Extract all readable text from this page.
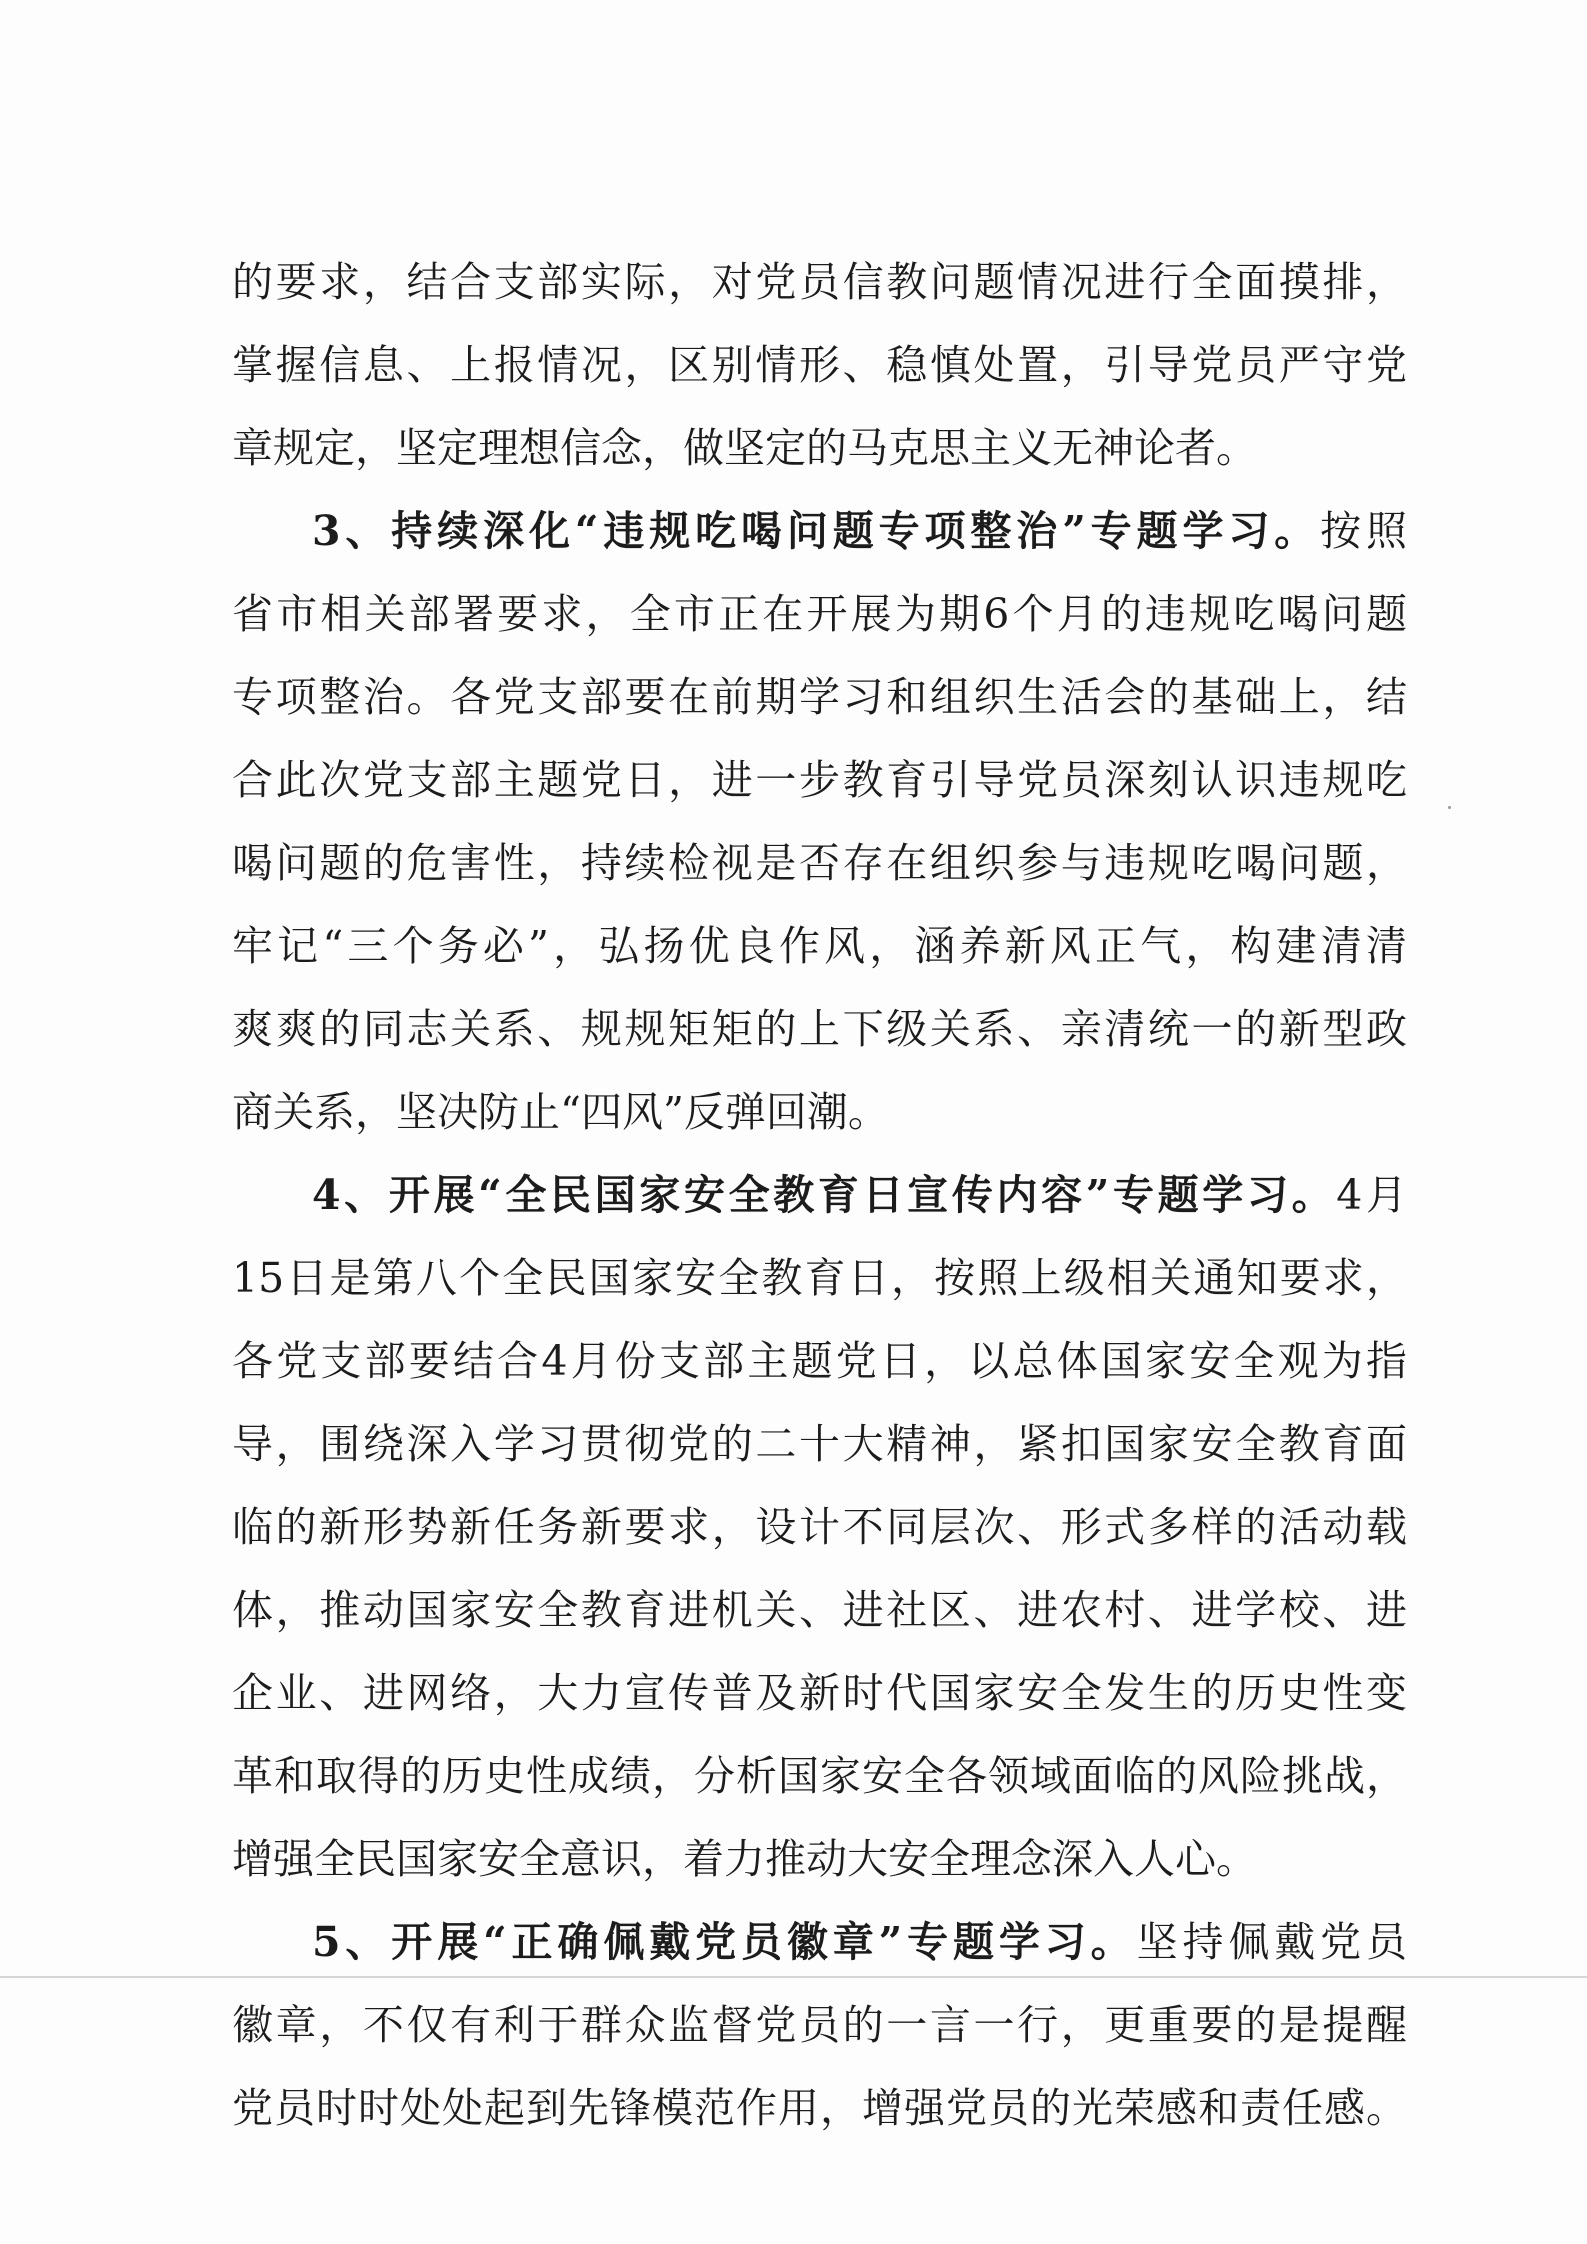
的要求，结合支部实际，对党员信教问题情况进行全面摸排，
掌握信息、上报情况，区别情形、稳慎处置，引导党员严守党
章规定，坚定理想信念，做坚定的马克思主义无神论者。
3、持续深化“违规吃喝问题专项整治”专题学习。按照
省市相关部署要求，全市正在开展为期6个月的违规吃喝问题
专项整治。各党支部要在前期学习和组织生活会的基础上，结
合此次党支部主题党日，进一步教育引导党员深刻认识违规吃
喝问题的危害性，持续检视是否存在组织参与违规吃喝问题，
牢记“三个务必”，弘扬优良作风，涵养新风正气，构建清清
爽爽的同志关系、规规矩矩的上下级关系、亲清统一的新型政
商关系，坚决防止“四风”反弹回潮。
4、开展“全民国家安全教育日宣传内容”专题学习。4月
15日是第八个全民国家安全教育日，按照上级相关通知要求，
各党支部要结合4月份支部主题党日，以总体国家安全观为指
导，围绕深入学习贯彻党的二十大精神，紧扣国家安全教育面
临的新形势新任务新要求，设计不同层次、形式多样的活动载
体，推动国家安全教育进机关、进社区、进农村、进学校、进
企业、进网络，大力宣传普及新时代国家安全发生的历史性变
革和取得的历史性成绩，分析国家安全各领域面临的风险挑战，
增强全民国家安全意识，着力推动大安全理念深入人心。
5、开展“正确佩戴党员徽章”专题学习。坚持佩戴党员
徽章，不仅有利于群众监督党员的一言一行，更重要的是提醒
党员时时处处起到先锋模范作用，增强党员的光荣感和责任感。
